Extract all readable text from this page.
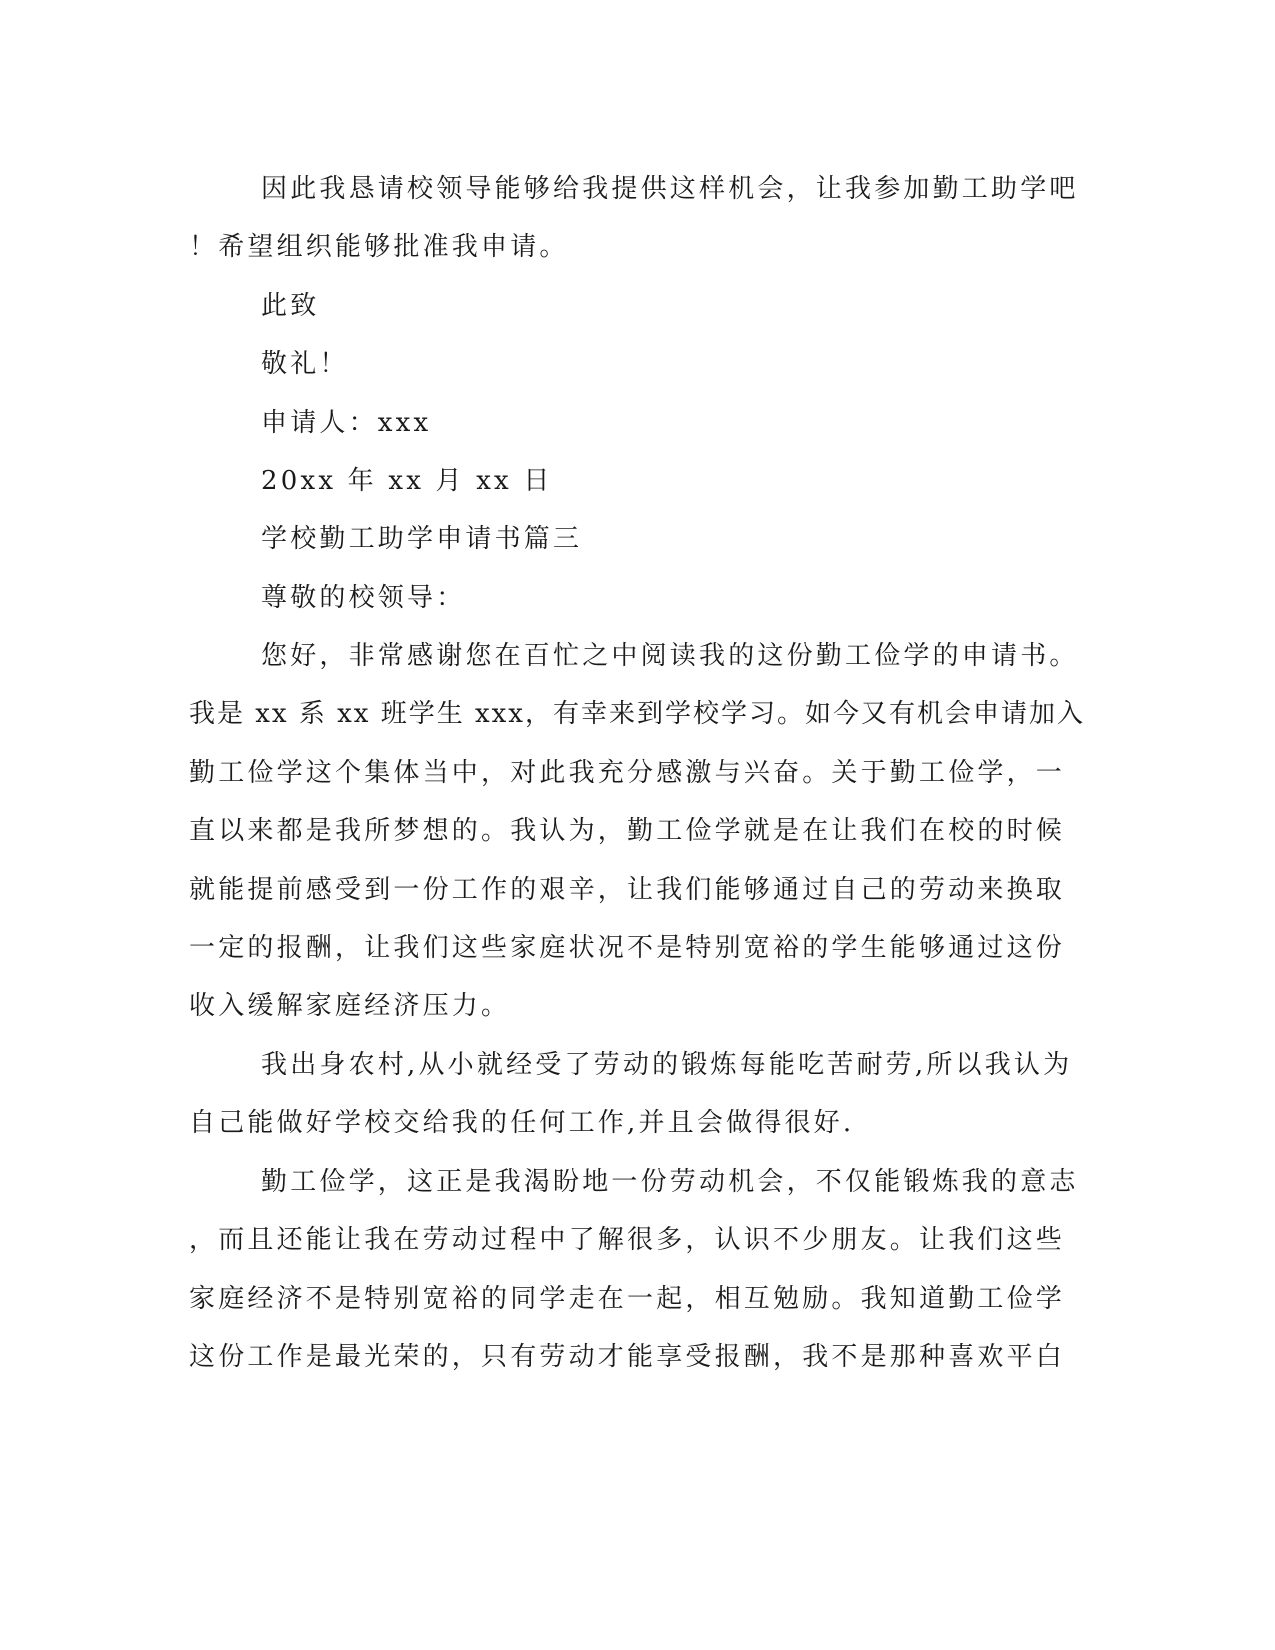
因此我恳请校领导能够给我提供这样机会，让我参加勤工助学吧
！希望组织能够批准我申请。
此致
敬礼！
申请人：xxx
20xx 年 xx 月 xx 日
学校勤工助学申请书篇三
尊敬的校领导：
您好，非常感谢您在百忙之中阅读我的这份勤工俭学的申请书。
我是 xx 系 xx 班学生 xxx，有幸来到学校学习。如今又有机会申请加入
勤工俭学这个集体当中，对此我充分感激与兴奋。关于勤工俭学，一
直以来都是我所梦想的。我认为，勤工俭学就是在让我们在校的时候
就能提前感受到一份工作的艰辛，让我们能够通过自己的劳动来换取
一定的报酬，让我们这些家庭状况不是特别宽裕的学生能够通过这份
收入缓解家庭经济压力。
我出身农村,从小就经受了劳动的锻炼每能吃苦耐劳,所以我认为
自己能做好学校交给我的任何工作,并且会做得很好.
勤工俭学，这正是我渴盼地一份劳动机会，不仅能锻炼我的意志
，而且还能让我在劳动过程中了解很多，认识不少朋友。让我们这些
家庭经济不是特别宽裕的同学走在一起，相互勉励。我知道勤工俭学
这份工作是最光荣的，只有劳动才能享受报酬，我不是那种喜欢平白
